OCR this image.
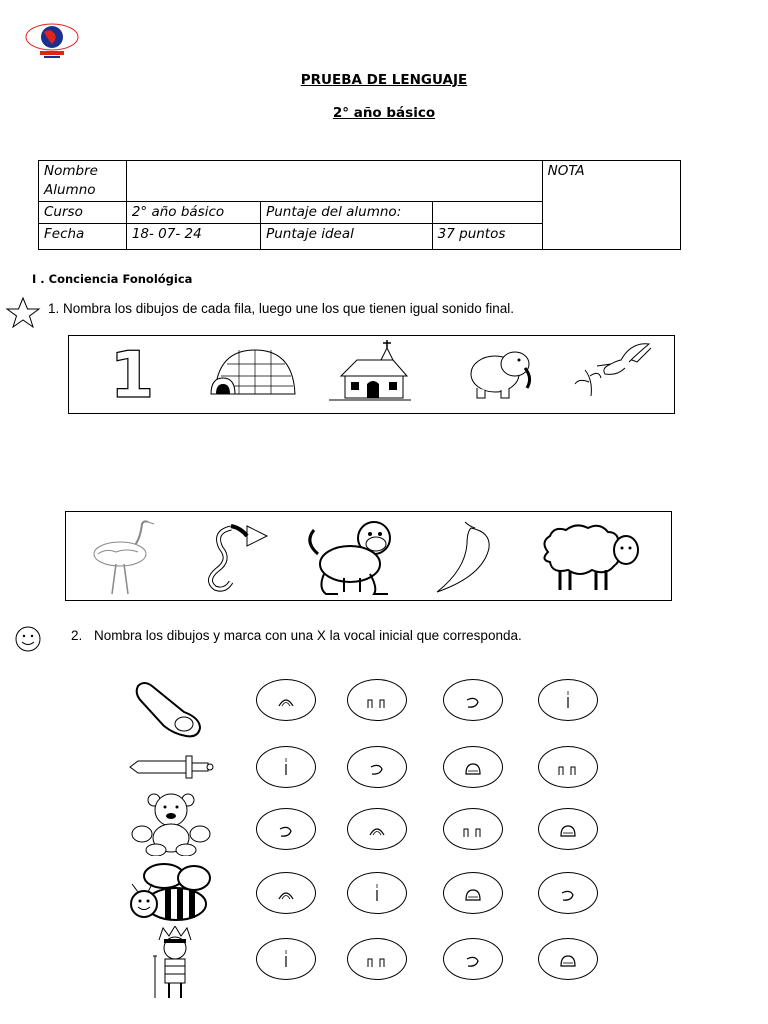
PRUEBA DE LENGUAJE
2° año básico
Nombre Alumno				NOTA
Curso	2° año básico	Puntaje del alumno:		
Fecha	18- 07- 24	Puntaje ideal	37 puntos	
I . Conciencia Fonológica
1. Nombra los dibujos de cada fila, luego une los que tienen igual sonido final.
1
2. Nombra los dibujos y marca con una X la vocal inicial que corresponda.
